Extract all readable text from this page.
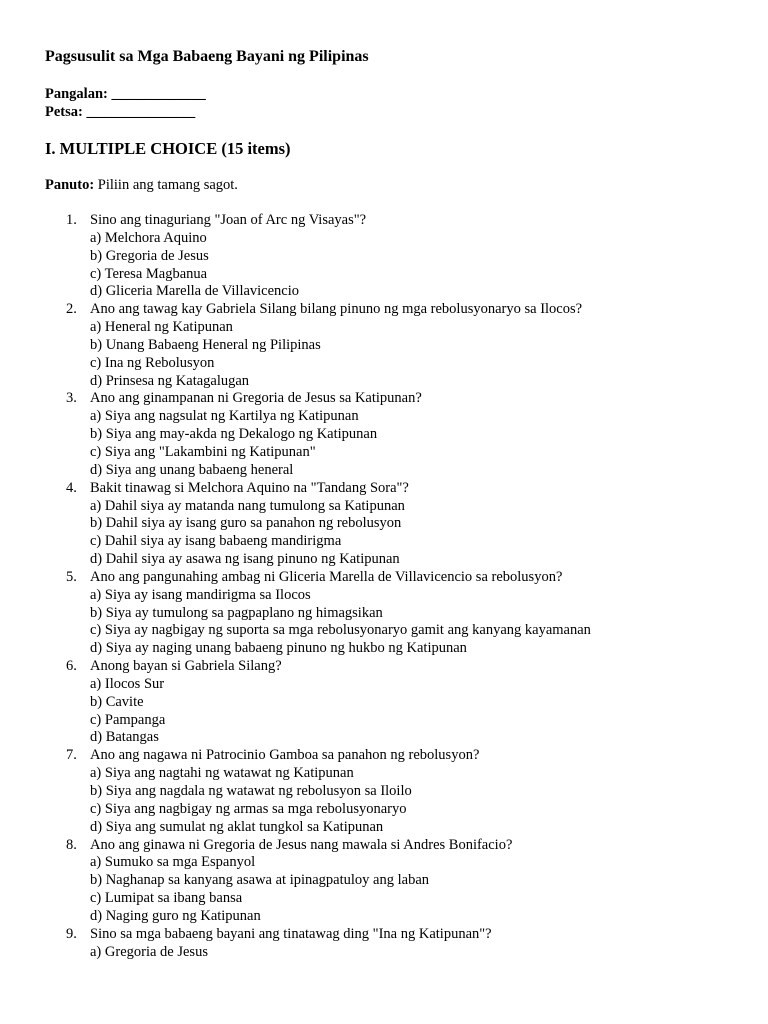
Pagsusulit sa Mga Babaeng Bayani ng Pilipinas
Pangalan: _____________
Petsa: _______________
I. MULTIPLE CHOICE (15 items)
Panuto: Piliin ang tamang sagot.
1. Sino ang tinaguriang "Joan of Arc ng Visayas"?
a) Melchora Aquino
b) Gregoria de Jesus
c) Teresa Magbanua
d) Gliceria Marella de Villavicencio
2. Ano ang tawag kay Gabriela Silang bilang pinuno ng mga rebolusyonaryo sa Ilocos?
a) Heneral ng Katipunan
b) Unang Babaeng Heneral ng Pilipinas
c) Ina ng Rebolusyon
d) Prinsesa ng Katagalugan
3. Ano ang ginampanan ni Gregoria de Jesus sa Katipunan?
a) Siya ang nagsulat ng Kartilya ng Katipunan
b) Siya ang may-akda ng Dekalogo ng Katipunan
c) Siya ang "Lakambini ng Katipunan"
d) Siya ang unang babaeng heneral
4. Bakit tinawag si Melchora Aquino na "Tandang Sora"?
a) Dahil siya ay matanda nang tumulong sa Katipunan
b) Dahil siya ay isang guro sa panahon ng rebolusyon
c) Dahil siya ay isang babaeng mandirigma
d) Dahil siya ay asawa ng isang pinuno ng Katipunan
5. Ano ang pangunahing ambag ni Gliceria Marella de Villavicencio sa rebolusyon?
a) Siya ay isang mandirigma sa Ilocos
b) Siya ay tumulong sa pagpaplano ng himagsikan
c) Siya ay nagbigay ng suporta sa mga rebolusyonaryo gamit ang kanyang kayamanan
d) Siya ay naging unang babaeng pinuno ng hukbo ng Katipunan
6. Anong bayan si Gabriela Silang?
a) Ilocos Sur
b) Cavite
c) Pampanga
d) Batangas
7. Ano ang nagawa ni Patrocinio Gamboa sa panahon ng rebolusyon?
a) Siya ang nagtahi ng watawat ng Katipunan
b) Siya ang nagdala ng watawat ng rebolusyon sa Iloilo
c) Siya ang nagbigay ng armas sa mga rebolusyonaryo
d) Siya ang sumulat ng aklat tungkol sa Katipunan
8. Ano ang ginawa ni Gregoria de Jesus nang mawala si Andres Bonifacio?
a) Sumuko sa mga Espanyol
b) Naghanap sa kanyang asawa at ipinagpatuloy ang laban
c) Lumipat sa ibang bansa
d) Naging guro ng Katipunan
9. Sino sa mga babaeng bayani ang tinatawag ding "Ina ng Katipunan"?
a) Gregoria de Jesus
